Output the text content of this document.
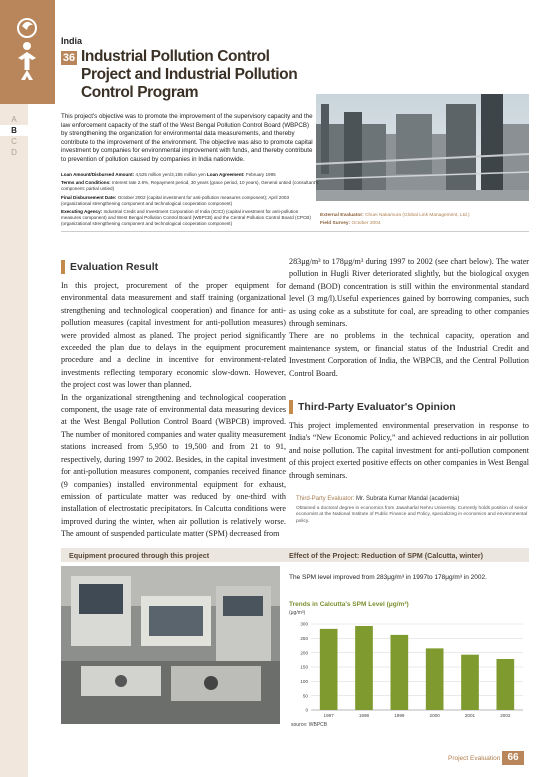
A
B
C
D
India
36 Industrial Pollution Control Project and Industrial Pollution Control Program
This project's objective was to promote the improvement of the supervisory capacity and the law enforcement capacity of the staff of the West Bengal Pollution Control Board (WBPCB) by strengthening the organization for environmental data measurements, and thereby contribute to the improvement of the environment. The objective was also to promote capital investment by companies for environmental improvement with funds, and thereby contribute to prevention of pollution caused by companies in India nationwide.
Loan Amount/Disbursed Amount: 4,525 million yen/3,185 million yen Loan Agreement: February 1995
Terms and Conditions: Interest rate 2.6%, Repayment period, 30 years (grace period, 10 years), General untied (consultant's component: partial untied)
Final Disbursement Date: October 2002 (capital investment for anti-pollution measures component); April 2003 (organizational strengthening component and technological cooperation component)
Executing Agency: Industrial Credit and Investment Corporation of India (ICICI) (capital investment for anti-pollution measures component) and West Bengal Pollution Control Board (WBPCB) and the Central Pollution Control Board (CPCB) (organizational strengthening component and technological cooperation component)
External Evaluator: Chuei Nakamura (Global Link Management, Ltd.)
Field Survey: October 2004
Evaluation Result

In this project, procurement of the proper equipment for environmental data measurement and staff training (organizational strengthening and technological cooperation) and finance for anti-pollution measures (capital investment for anti-pollution measures) were provided almost as planed. The project period significantly exceeded the plan due to delays in the equipment procurement procedure and a decline in incentive for environment-related investments reflecting temporary economic slow-down. However, the project cost was lower than planned.

In the organizational strengthening and technological cooperation component, the usage rate of environmental data measuring devices at the West Bengal Pollution Control Board (WBPCB) improved. The number of monitored companies and water quality measurement stations increased from 5,950 to 19,500 and from 21 to 91, respectively, during 1997 to 2002. Besides, in the capital investment for anti-pollution measures component, companies received finance (9 companies) installed environmental equipment for exhaust, emission of particulate matter was reduced by one-third with installation of electrostatic precipitators. In Calcutta conditions were improved during the winter, when air pollution is relatively worse. The amount of suspended particulate matter (SPM) decreased from

283μg/m³ to 178μg/m³ during 1997 to 2002 (see chart below). The water pollution in Hugli River deteriorated slightly, but the biological oxygen demand (BOD) concentration is still within the environmental standard level (3 mg/l).Useful experiences gained by borrowing companies, such as using coke as a substitute for coal, are spreading to other companies through seminars.

There are no problems in the technical capacity, operation and maintenance system, or financial status of the Industrial Credit and Investment Corporation of India, the WBPCB, and the Central Pollution Control Board.

Third-Party Evaluator's Opinion
This project implemented environmental preservation in response to India's “New Economic Policy,” and achieved reductions in air pollution and noise pollution. The capital investment for anti-pollution component of this project exerted positive effects on other companies in West Bengal through seminars.
Third-Party Evaluator: Mr. Subrata Kumar Mandal (academia)
Obtained a doctoral degree in economics from Jawaharlal Nehru University. Currently holds position of senior economist at the National Institute of Public Finance and Policy, specializing in economics and environmental policy.
Equipment procured through this project	Effect of the Project: Reduction of SPM (Calcutta, winter)
The SPM level improved from 283μg/m³ in 1997to 178μg/m³ in 2002.
Trends in Calcutta's SPM Level (μg/m³)
(μg/m³)
0
50
100
150
200
250
300
1997	1998	1999	2000	2001	2002
source: WBPCB
Project Evaluation 66
